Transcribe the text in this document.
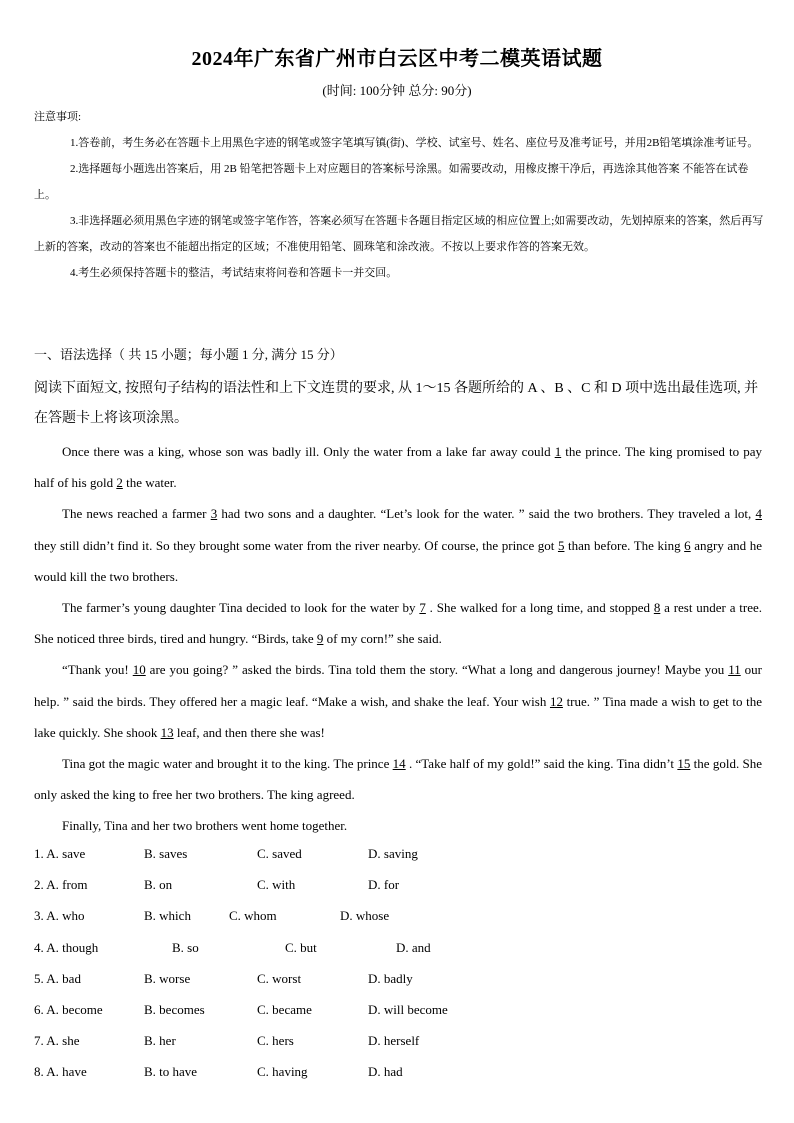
2024年广东省广州市白云区中考二模英语试题
(时间: 100分钟 总分: 90分)

注意事项:

1.答卷前，考生务必在答题卡上用黑色字迹的钢笔或签字笔填写镇(街)、学校、试室号、姓名、座位号及准考证号，并用2B铅笔填涂准考证号。

2.选择题每小题选出答案后，用 2B 铅笔把答题卡上对应题目的答案标号涂黑。如需要改动，用橡皮擦干净后，再选涂其他答案 不能答在试卷上。

3.非选择题必须用黑色字迹的钢笔或签字笔作答，答案必须写在答题卡各题目指定区域的相应位置上;如需要改动，先划掉原来的答案，然后再写上新的答案，改动的答案也不能超出指定的区域；不准使用铅笔、圆珠笔和涂改液。不按以上要求作答的答案无效。

4.考生必须保持答题卡的整洁，考试结束将问卷和答题卡一并交回。

一、语法选择（ 共 15 小题；每小题 1 分, 满分 15 分）
阅读下面短文, 按照句子结构的语法性和上下文连贯的要求, 从 1～15 各题所给的 A 、B 、C 和 D 项中选出最佳选项, 并在答题卡上将该项涂黑。

Once there was a king, whose son was badly ill. Only the water from a lake far away could 1 the prince. The king promised to pay half of his gold 2 the water.

The news reached a farmer 3 had two sons and a daughter. “Let’s look for the water. ” said the two brothers. They traveled a lot, 4 they still didn’t find it. So they brought some water from the river nearby. Of course, the prince got 5 than before. The king 6 angry and he would kill the two brothers.

The farmer’s young daughter Tina decided to look for the water by 7 . She walked for a long time, and stopped 8 a rest under a tree. She noticed three birds, tired and hungry. “Birds, take 9 of my corn!” she said.

“Thank you! 10 are you going? ” asked the birds. Tina told them the story. “What a long and dangerous journey! Maybe you 11 our help. ” said the birds. They offered her a magic leaf. “Make a wish, and shake the leaf. Your wish 12 true. ” Tina made a wish to get to the lake quickly. She shook 13 leaf, and then there she was!

Tina got the magic water and brought it to the king. The prince 14 . “Take half of my gold!” said the king. Tina didn’t 15 the gold. She only asked the king to free her two brothers. The king agreed.

Finally, Tina and her two brothers went home together.

1. A. save	B. saves	C. saved	D. saving
2. A. from	B. on	C. with	D. for
3. A. who	B. which	C. whom	D. whose
4. A. though	B. so	C. but	D. and
5. A. bad	B. worse	C. worst	D. badly
6. A. become	B. becomes	C. became	D. will become
7. A. she	B. her	C. hers	D. herself
8. A. have	B. to have	C. having	D. had
